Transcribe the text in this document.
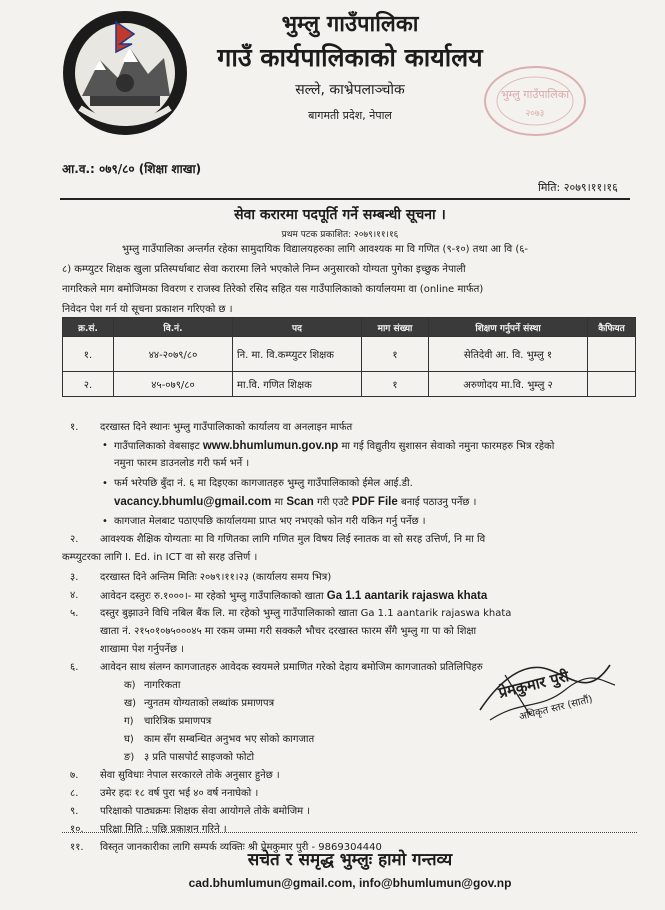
भुम्लु गाउँपालिका
गाउँ कार्यपालिकाको कार्यालय
सल्ले, काभ्रेपलाञ्चोक
बागमती प्रदेश, नेपाल
भुम्लु गाउँपालिका
२०७३
आ.व.: ०७९/८० (शिक्षा शाखा)
मिति: २०७९।११।१६
सेवा करारमा पदपूर्ति गर्ने सम्बन्धी सूचना ।
प्रथम पटक प्रकाशित: २०७९।११।१६
भुम्लु गाउँपालिका अन्तर्गत रहेका सामुदायिक विद्यालयहरुका लागि आवश्यक मा वि गणित (९-१०) तथा आ वि (६-
८) कम्प्युटर शिक्षक खुला प्रतिस्पर्धाबाट सेवा करारमा लिने भएकोले निम्न अनुसारको योग्यता पुगेका इच्छुक नेपाली
नागरिकले माग बमोजिमका विवरण र राजस्व तिरेको रसिद सहित यस गाउँपालिकाको कार्यालयमा वा (online मार्फत)
निवेदन पेश गर्न यो सूचना प्रकाशन गरिएको छ ।
क्र.सं.	वि.नं.	पद	माग संख्या	शिक्षण गर्नुपर्ने संस्था	कैफियत
१.	४४-२०७९/८०	नि. मा. वि.कम्प्युटर शिक्षक	१	सेतिदेवी आ. वि. भुम्लु १	
२.	४५-०७९/८०	मा.वि. गणित शिक्षक	१	अरुणोदय मा.वि. भुम्लु २	
१. दरखास्त दिने स्थानः भुम्लु गाउँपालिकाको कार्यालय वा अनलाइन मार्फत
• गाउँपालिकाको वेबसाइट www.bhumlumun.gov.np मा गई विद्युतीय सुशासन सेवाको नमुना फारमहरु भित्र रहेको
नमुना फारम डाउनलोड गरी फर्म भर्ने ।
• फर्म भरेपछि बुँदा नं. ६ मा दिइएका कागजातहरु भुम्लु गाउँपालिकाको ईमेल आई.डी.
vacancy.bhumlu@gmail.com मा Scan गरी एउटै PDF File बनाई पठाउनु पर्नेछ ।
• कागजात मेलबाट पठाएपछि कार्यालयमा प्राप्त भए नभएको फोन गरी यकिन गर्नु पर्नेछ ।
२. आवश्यक शैक्षिक योग्यताः मा वि गणितका लागि गणित मुल विषय लिई स्नातक वा सो सरह उत्तिर्ण, नि मा वि
कम्प्युटरका लागि I. Ed. in ICT वा सो सरह उत्तिर्ण ।
३. दरखास्त दिने अन्तिम मितिः २०७९।११।२३ (कार्यालय समय भित्र)
४. आवेदन दस्तुरः रु.१०००।- मा रहेको भुम्लु गाउँपालिकाको खाता Ga 1.1 aantarik rajaswa khata
५. दस्तुर बुझाउने विधि नबिल बैंक लि. मा रहेको भुम्लु गाउँपालिकाको खाता Ga 1.1 aantarik rajaswa khata
खाता नं. २१५०१०७५०००४५ मा रकम जम्मा गरी सक्कलै भौचर दरखास्त फारम सँगै भुम्लु गा पा को शिक्षा
शाखामा पेश गर्नुपर्नेछ ।
६. आवेदन साथ संलग्न कागजातहरु आवेदक स्वयमले प्रमाणित गरेको देहाय बमोजिम कागजातको प्रतिलिपिहरु
क) नागरिकता
ख) न्युनतम योग्यताको लब्धांक प्रमाणपत्र
ग) चारित्रिक प्रमाणपत्र
घ) काम सँग सम्बन्धित अनुभव भए सोको कागजात
ङ) ३ प्रति पासपोर्ट साइजको फोटो
७. सेवा सुविधाः नेपाल सरकारले तोके अनुसार हुनेछ ।
८. उमेर हदः १८ वर्ष पुरा भई ४० वर्ष ननाघेको ।
९. परिक्षाको पाठ्यक्रमः शिक्षक सेवा आयोगले तोके बमोजिम ।
१०. परिक्षा मिति : पछि प्रकाशन गरिने ।
११. विस्तृत जानकारीका लागि सम्पर्क व्यक्तिः श्री प्रेमकुमार पुरी - 9869304440
प्रेमकुमार पुरी
अधिकृत स्तर (सातौं)
सचेत र समृद्ध भुम्लुः हामो गन्तव्य
cad.bhumlumun@gmail.com, info@bhumlumun@gov.np
